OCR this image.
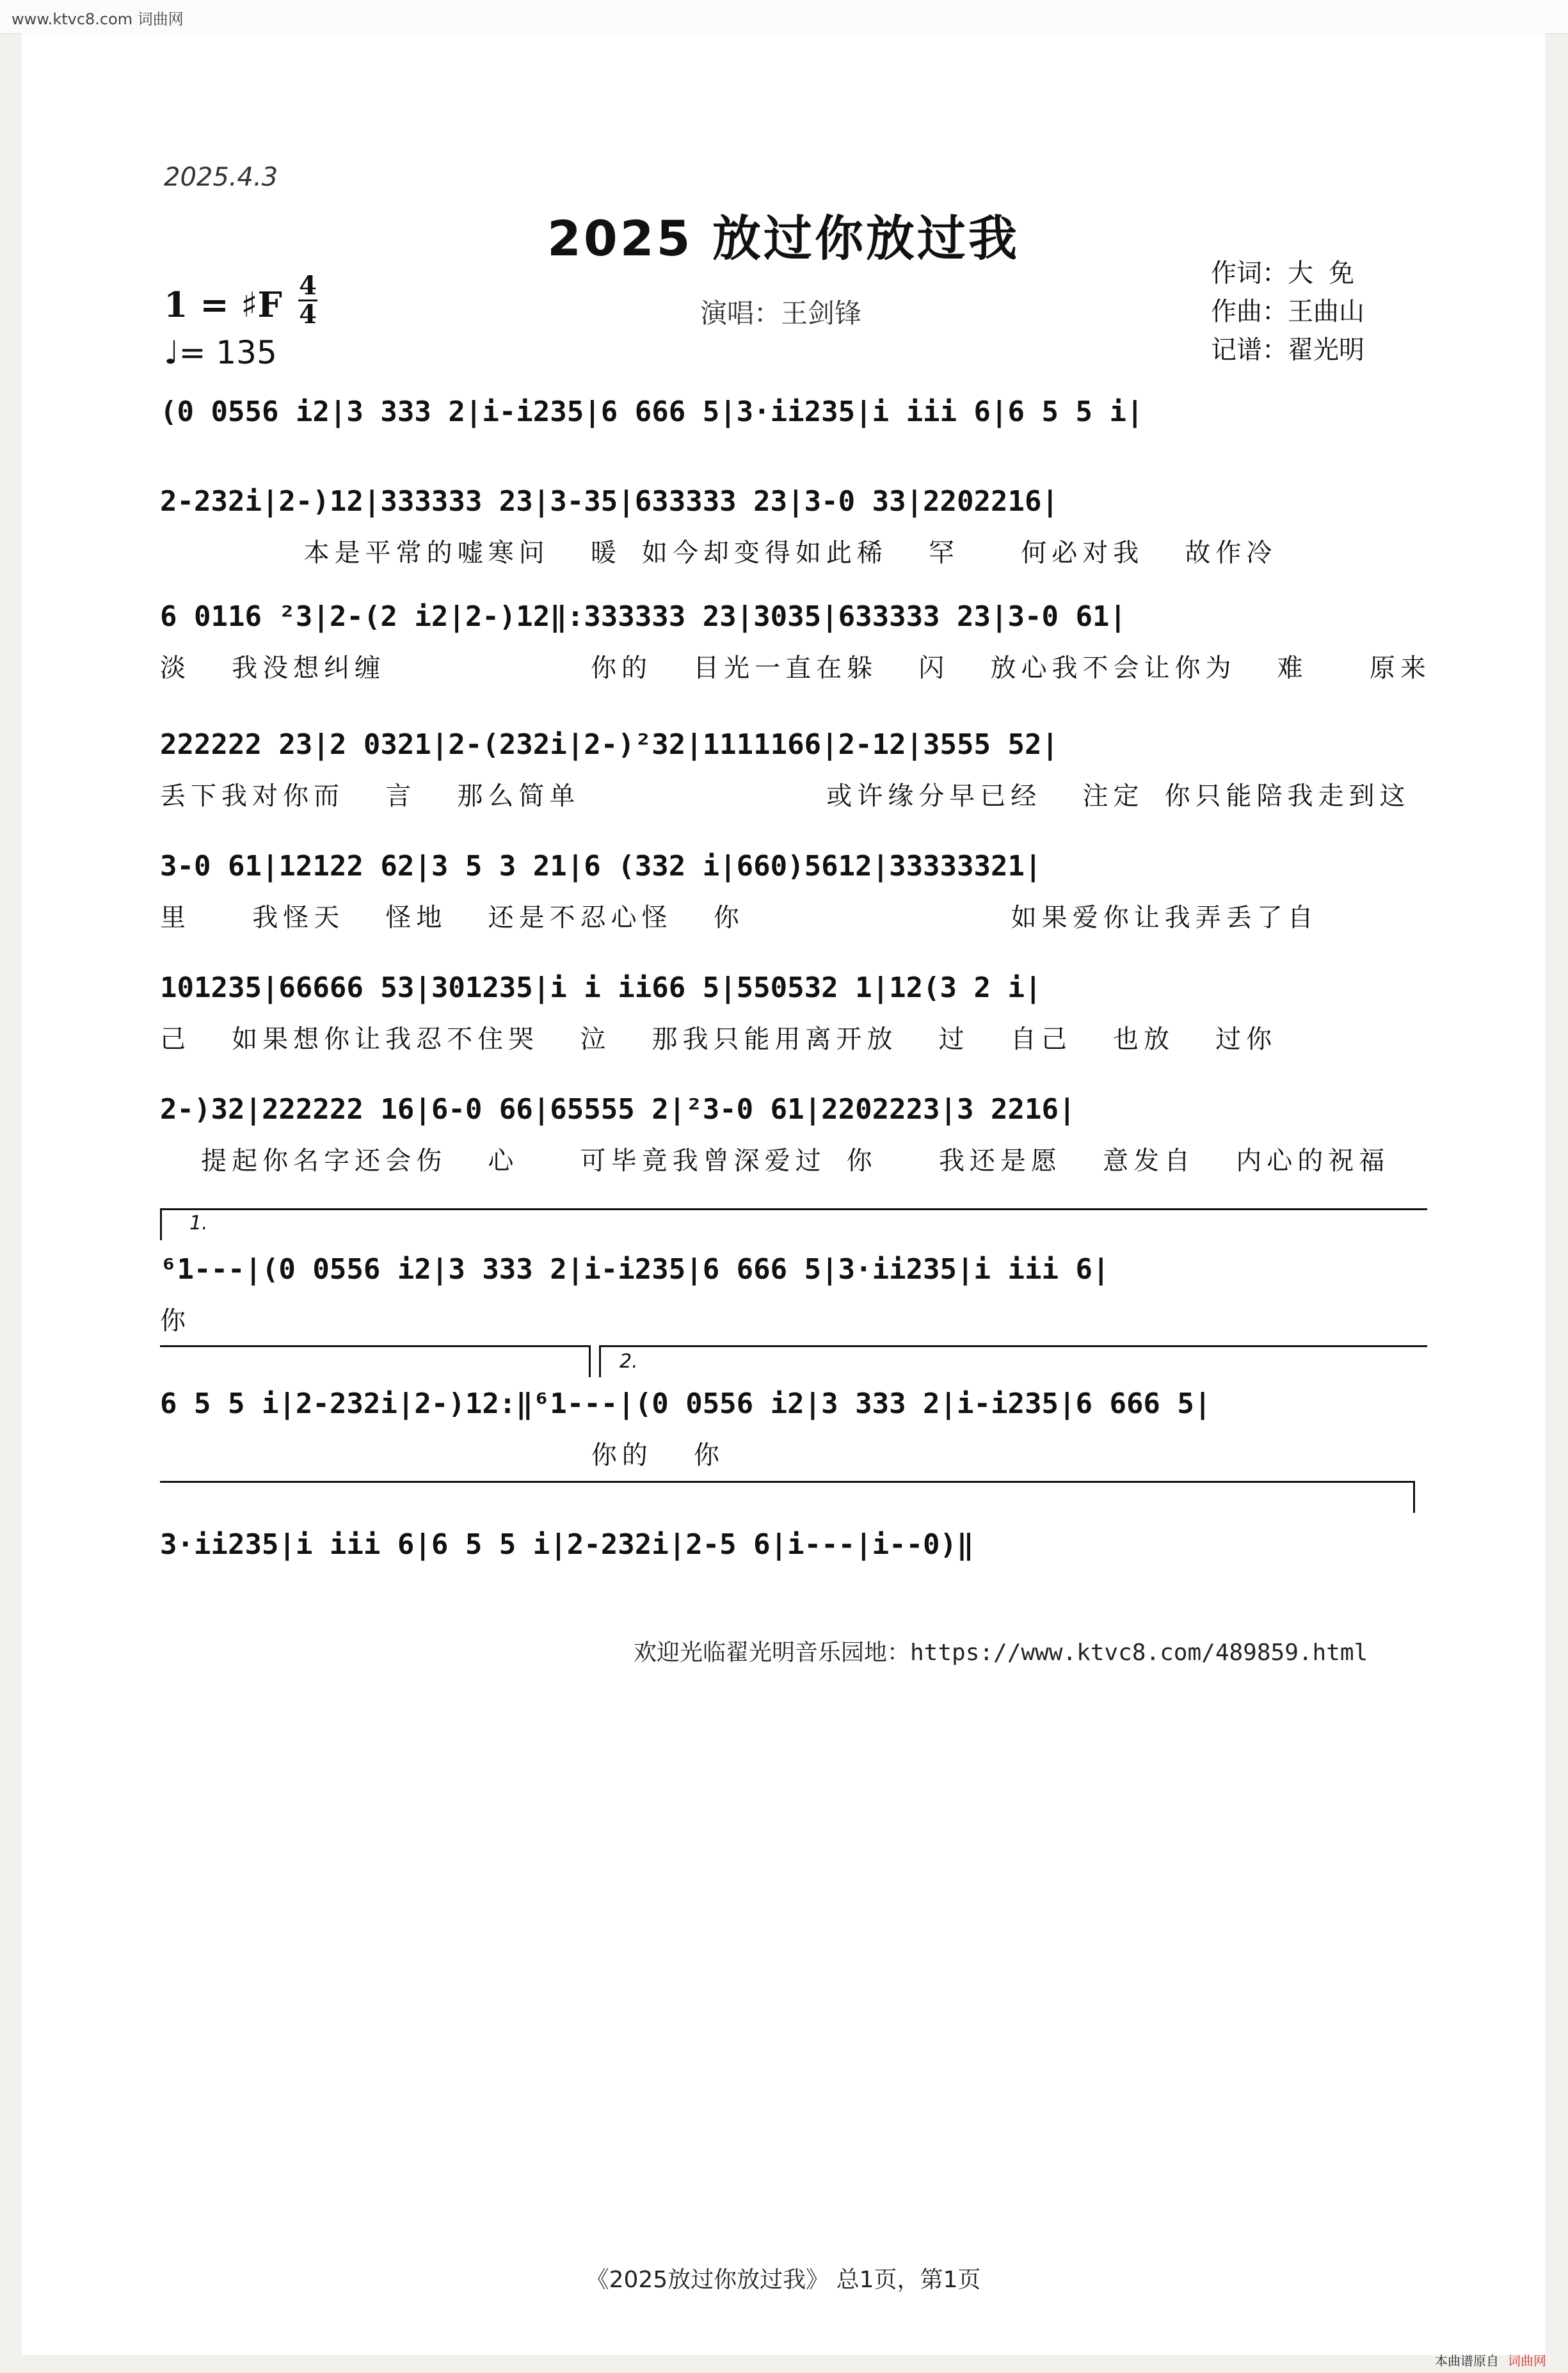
www.ktvc8.com 词曲网
2025.4.3
2025 放过你放过我
1 = ♯F 4
4
♩= 135
演唱：王剑锋
作词：大 免
作曲：王曲山
记谱：翟光明
(0 0556 i2|3 333 2|i-i235|6 666 5|3·ii235|i iii 6|6 5 5 i|
2-232i|2-)12|333333 23|3-35|633333 23|3-0 33|2202216|
本是平常的嘘寒问  暖 如今却变得如此稀  罕   何必对我  故作冷
6 0116 ²3|2-(2 i2|2-)12‖:333333 23|3035|633333 23|3-0 61|
淡  我没想纠缠          你的  目光一直在躲  闪  放心我不会让你为  难   原来
222222 23|2 0321|2-(232i|2-)²32|1111166|2-12|3555 52|
丢下我对你而  言  那么简单            或许缘分早已经  注定 你只能陪我走到这
3-0 61|12122 62|3 5 3 21|6 (332 i|660)5612|33333321|
里   我怪天  怪地  还是不忍心怪  你             如果爱你让我弄丢了自
101235|66666 53|301235|i i ii66 5|550532 1|12(3 2 i|
己  如果想你让我忍不住哭  泣  那我只能用离开放  过  自己  也放  过你
2-)32|222222 16|6-0 66|65555 2|²3-0 61|2202223|3 2216|
提起你名字还会伤  心   可毕竟我曾深爱过 你   我还是愿  意发自  内心的祝福
1.
⁶1---|(0 0556 i2|3 333 2|i-i235|6 666 5|3·ii235|i iii 6|
你
2.
6 5 5 i|2-232i|2-)12:‖⁶1---|(0 0556 i2|3 333 2|i-i235|6 666 5|
你的  你
3·ii235|i iii 6|6 5 5 i|2-232i|2-5 6|i---|i--0)‖
欢迎光临翟光明音乐园地：https://www.ktvc8.com/489859.html
《2025放过你放过我》 总1页，第1页
本曲谱原自 词曲网
